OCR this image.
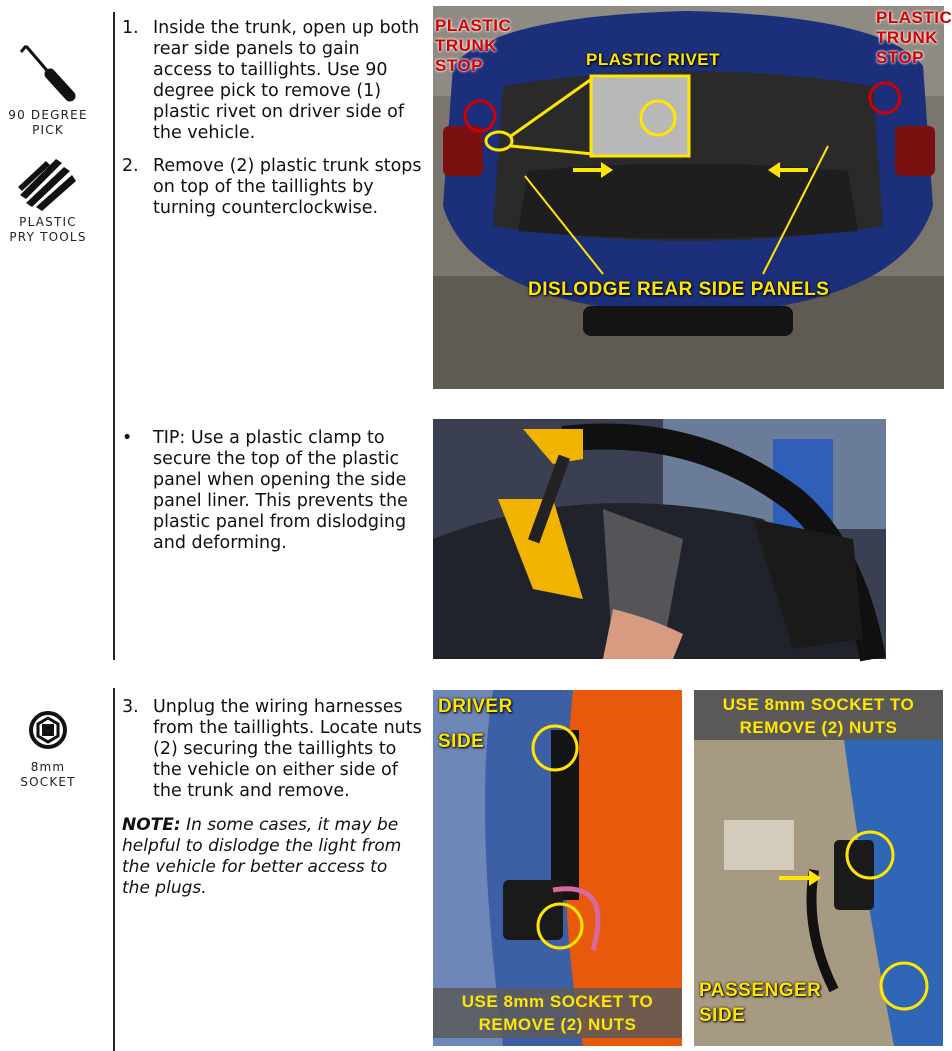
90 DEGREE
PICK
PLASTIC
PRY TOOLS
8mm
SOCKET
1. Inside the trunk, open up both rear side panels to gain access to taillights. Use 90 degree pick to remove (1) plastic rivet on driver side of the vehicle.
2. Remove (2) plastic trunk stops on top of the taillights by turning counterclockwise.
PLASTIC
TRUNK
STOP
PLASTIC
TRUNK
STOP
PLASTIC RIVET
DISLODGE REAR SIDE PANELS
• TIP: Use a plastic clamp to secure the top of the plastic panel when opening the side panel liner. This prevents the plastic panel from dislodging and deforming.
3. Unplug the wiring harnesses from the taillights. Locate nuts (2) securing the taillights to the vehicle on either side of the trunk and remove.
NOTE: In some cases, it may be helpful to dislodge the light from the vehicle for better access to the plugs.
DRIVER
SIDE
USE 8mm SOCKET TO
REMOVE (2) NUTS
USE 8mm SOCKET TO
REMOVE (2) NUTS
PASSENGER
SIDE
